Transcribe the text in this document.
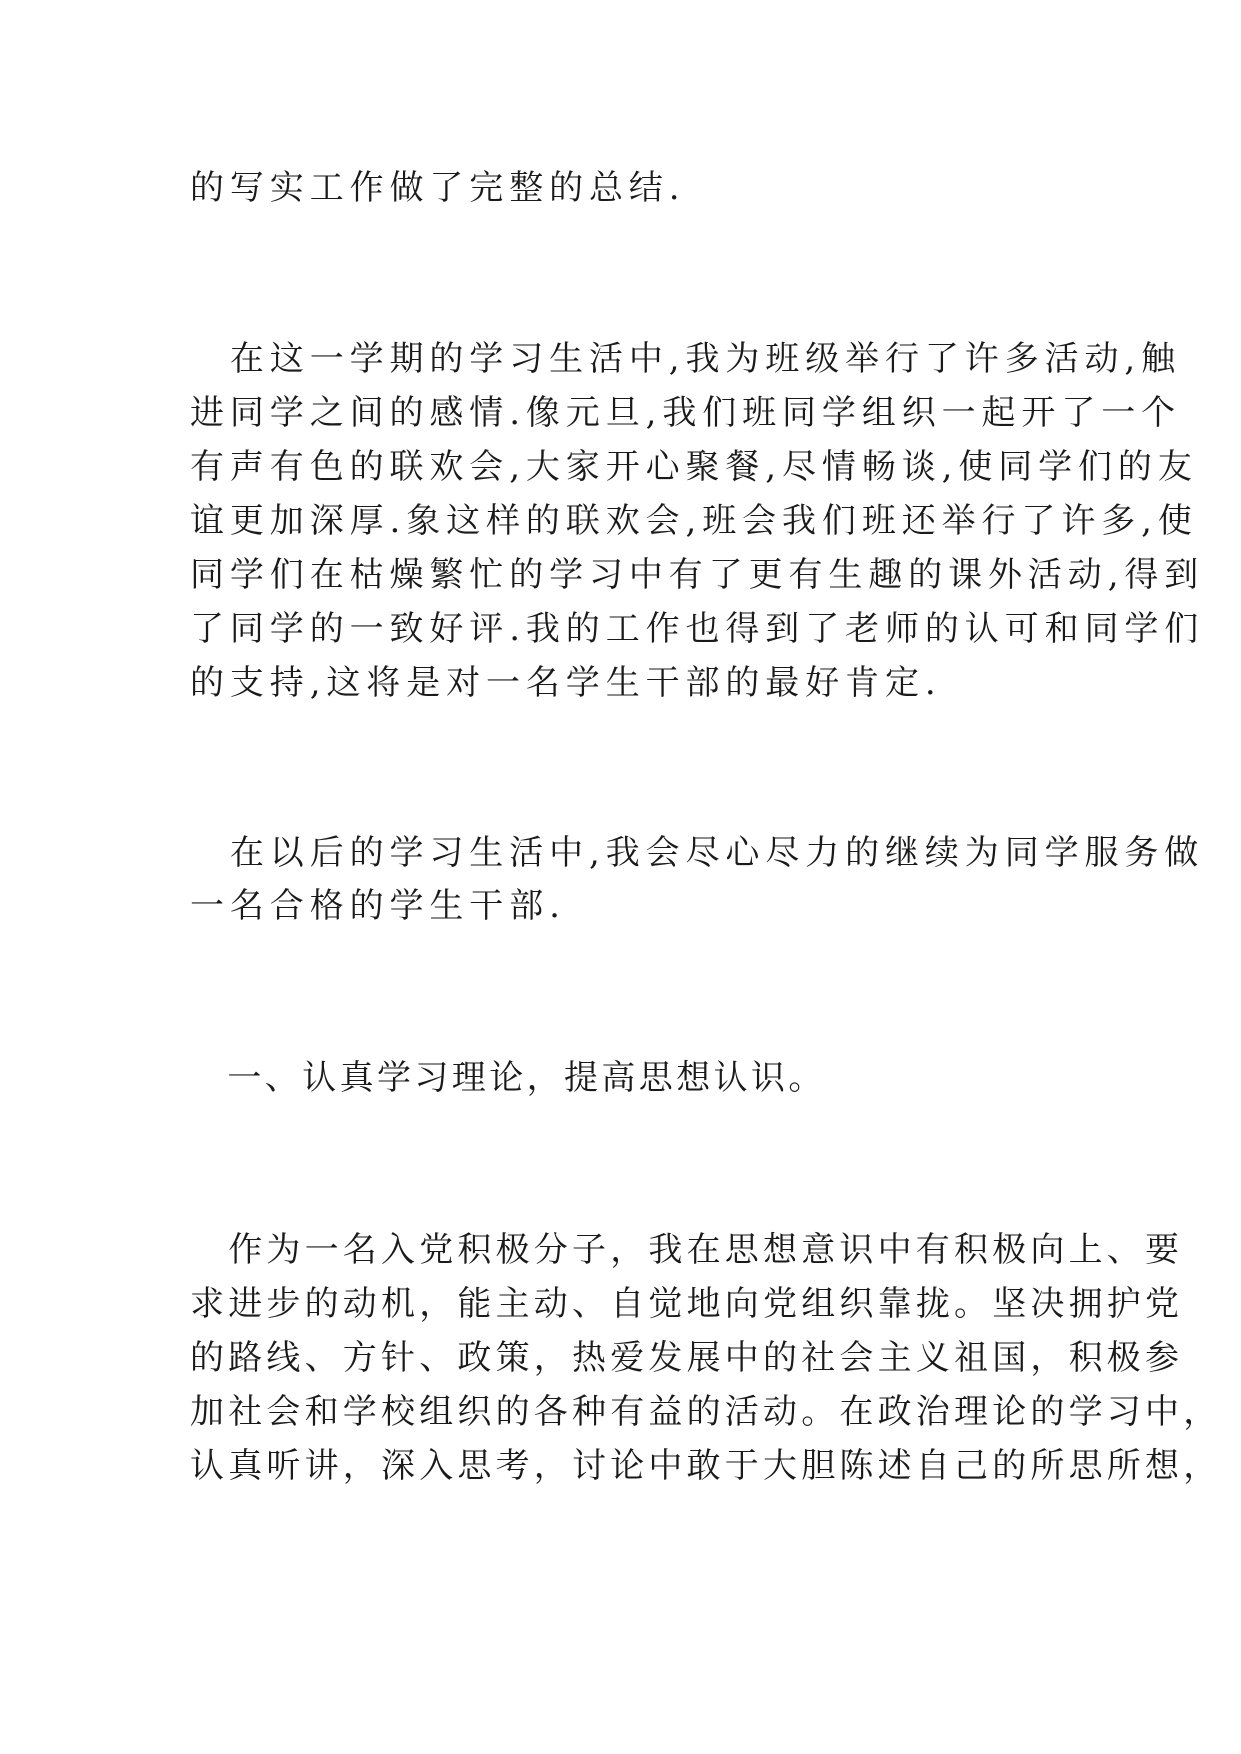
的写实工作做了完整的总结.
　在这一学期的学习生活中,我为班级举行了许多活动,触
进同学之间的感情.像元旦,我们班同学组织一起开了一个
有声有色的联欢会,大家开心聚餐,尽情畅谈,使同学们的友
谊更加深厚.象这样的联欢会,班会我们班还举行了许多,使
同学们在枯燥繁忙的学习中有了更有生趣的课外活动,得到
了同学的一致好评.我的工作也得到了老师的认可和同学们
的支持,这将是对一名学生干部的最好肯定.
　在以后的学习生活中,我会尽心尽力的继续为同学服务做
一名合格的学生干部.
　一、认真学习理论，提高思想认识。
　作为一名入党积极分子，我在思想意识中有积极向上、要
求进步的动机，能主动、自觉地向党组织靠拢。坚决拥护党
的路线、方针、政策，热爱发展中的社会主义祖国，积极参
加社会和学校组织的各种有益的活动。在政治理论的学习中，
认真听讲，深入思考，讨论中敢于大胆陈述自己的所思所想，
